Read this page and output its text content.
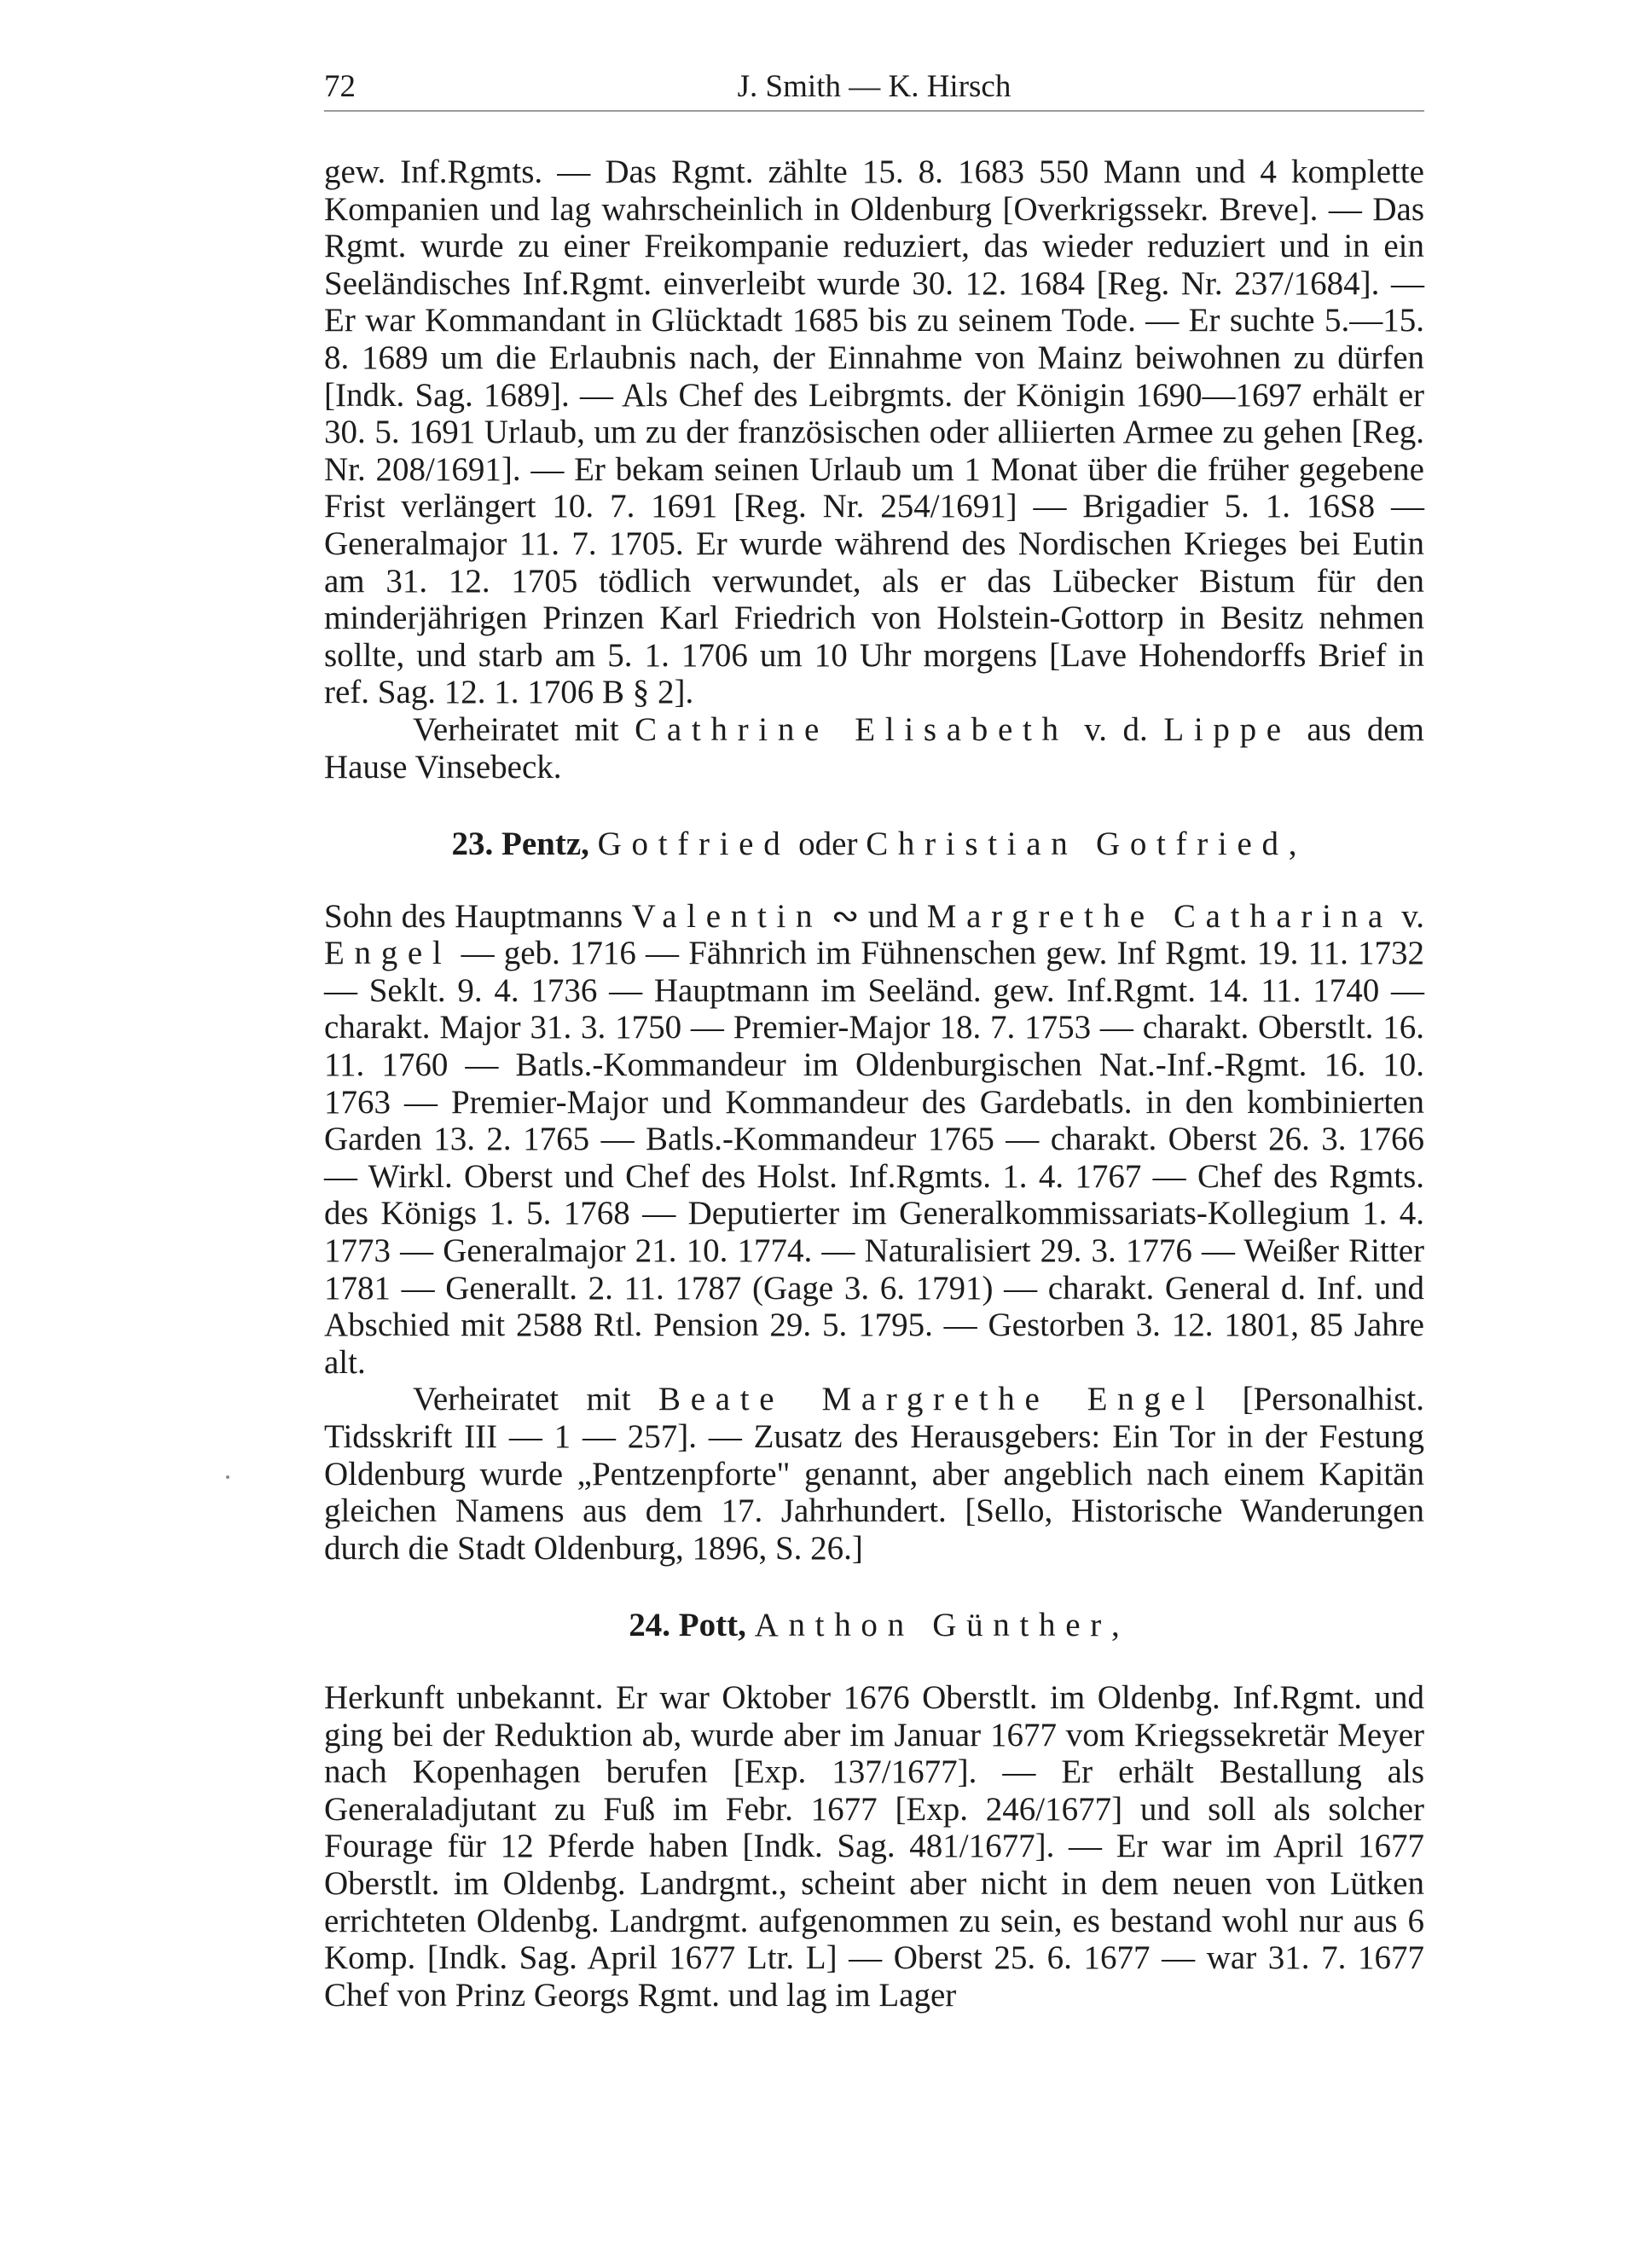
72	J. Smith — K. Hirsch

gew. Inf.Rgmts. — Das Rgmt. zählte 15. 8. 1683 550 Mann und 4 komplette Kompanien und lag wahrscheinlich in Oldenburg [Overkrigssekr. Breve]. — Das Rgmt. wurde zu einer Freikompanie reduziert, das wieder reduziert und in ein Seeländisches Inf.Rgmt. einverleibt wurde 30. 12. 1684 [Reg. Nr. 237/1684]. — Er war Kommandant in Glücktadt 1685 bis zu seinem Tode. — Er suchte 5.—15. 8. 1689 um die Erlaubnis nach, der Einnahme von Mainz beiwohnen zu dürfen [Indk. Sag. 1689]. — Als Chef des Leibrgmts. der Königin 1690—1697 erhält er 30. 5. 1691 Urlaub, um zu der französischen oder alliierten Armee zu gehen [Reg. Nr. 208/1691]. — Er bekam seinen Urlaub um 1 Monat über die früher gegebene Frist verlängert 10. 7. 1691 [Reg. Nr. 254/1691] — Brigadier 5. 1. 16S8 — Generalmajor 11. 7. 1705. Er wurde während des Nordischen Krieges bei Eutin am 31. 12. 1705 tödlich verwundet, als er das Lübecker Bistum für den minderjährigen Prinzen Karl Friedrich von Holstein-Gottorp in Besitz nehmen sollte, und starb am 5. 1. 1706 um 10 Uhr morgens [Lave Hohendorffs Brief in ref. Sag. 12. 1. 1706 B § 2].

Verheiratet mit Cathrine Elisabeth v. d. Lippe aus dem Hause Vinsebeck.

23. Pentz, Gotfried oder Christian Gotfried,

Sohn des Hauptmanns Valentin ∾ und Margrethe Catharina v. Engel — geb. 1716 — Fähnrich im Fühnenschen gew. Inf Rgmt. 19. 11. 1732 — Seklt. 9. 4. 1736 — Hauptmann im Seeländ. gew. Inf.Rgmt. 14. 11. 1740 — charakt. Major 31. 3. 1750 — Premier-Major 18. 7. 1753 — charakt. Oberstlt. 16. 11. 1760 — Batls.-Kommandeur im Oldenburgischen Nat.-Inf.-Rgmt. 16. 10. 1763 — Premier-Major und Kommandeur des Gardebatls. in den kombinierten Garden 13. 2. 1765 — Batls.-Kommandeur 1765 — charakt. Oberst 26. 3. 1766 — Wirkl. Oberst und Chef des Holst. Inf.Rgmts. 1. 4. 1767 — Chef des Rgmts. des Königs 1. 5. 1768 — Deputierter im Generalkommissariats-Kollegium 1. 4. 1773 — Generalmajor 21. 10. 1774. — Naturalisiert 29. 3. 1776 — Weißer Ritter 1781 — Generallt. 2. 11. 1787 (Gage 3. 6. 1791) — charakt. General d. Inf. und Abschied mit 2588 Rtl. Pension 29. 5. 1795. — Gestorben 3. 12. 1801, 85 Jahre alt.

Verheiratet mit Beate Margrethe Engel [Personalhist. Tidsskrift III — 1 — 257]. — Zusatz des Herausgebers: Ein Tor in der Festung Oldenburg wurde „Pentzenpforte" genannt, aber angeblich nach einem Kapitän gleichen Namens aus dem 17. Jahrhundert. [Sello, Historische Wanderungen durch die Stadt Oldenburg, 1896, S. 26.]

24. Pott, Anthon Günther,

Herkunft unbekannt. Er war Oktober 1676 Oberstlt. im Oldenbg. Inf.Rgmt. und ging bei der Reduktion ab, wurde aber im Januar 1677 vom Kriegssekretär Meyer nach Kopenhagen berufen [Exp. 137/1677]. — Er erhält Bestallung als Generaladjutant zu Fuß im Febr. 1677 [Exp. 246/1677] und soll als solcher Fourage für 12 Pferde haben [Indk. Sag. 481/1677]. — Er war im April 1677 Oberstlt. im Oldenbg. Landrgmt., scheint aber nicht in dem neuen von Lütken errichteten Oldenbg. Landrgmt. aufgenommen zu sein, es bestand wohl nur aus 6 Komp. [Indk. Sag. April 1677 Ltr. L] — Oberst 25. 6. 1677 — war 31. 7. 1677 Chef von Prinz Georgs Rgmt. und lag im Lager
